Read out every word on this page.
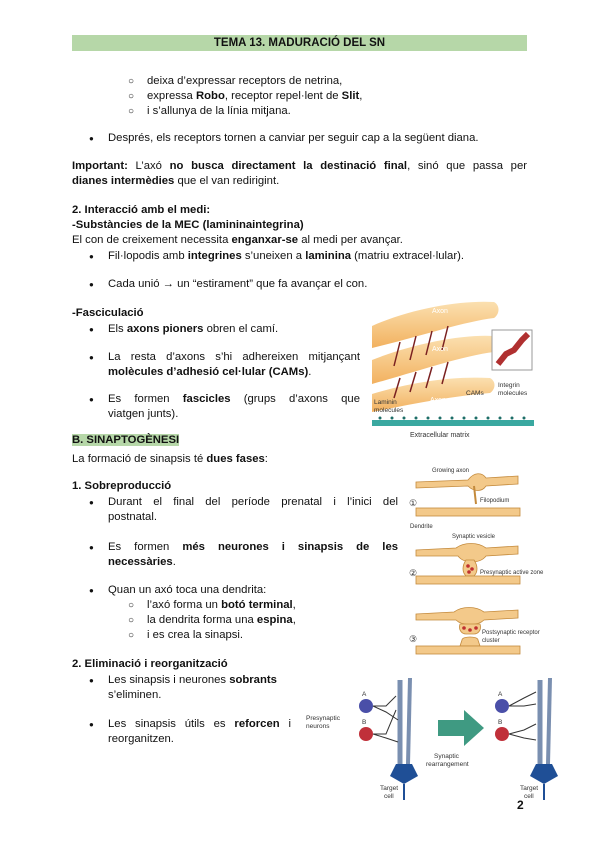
TEMA 13. MADURACIÓ DEL SN
○ deixa d’expressar receptors de netrina,
○ expressa Robo, receptor repel·lent de Slit,
○ i s’allunya de la línia mitjana.
● Després, els receptors tornen a canviar per seguir cap a la següent diana.
Important: L’axó no busca directament la destinació final, sinó que passa per
dianes intermèdies que el van redirigint.
2. Interacció amb el medi:
-Substàncies de la MEC (lamininaintegrina)
El con de creixement necessita enganxar-se al medi per avançar.
● Fil·lopodis amb integrines s’uneixen a laminina (matriu extracel·lular).
● Cada unió → un “estirament” que fa avançar el con.
-Fasciculació
● Els axons pioners obren el camí.
● La resta d’axons s’hi adhereixen mitjançant
molècules d’adhesió cel·lular (CAMs).
● Es formen fascicles (grups d’axons que
viatgen junts).
Axon
Axon
Axon
CAMs
Integrin
molecules
Laminin
molecules
Extracellular matrix
B. SINAPTOGÈNESI
La formació de sinapsis té dues fases:
1. Sobreproducció
● Durant el final del període prenatal i l’inici del
postnatal.
● Es formen més neurones i sinapsis de les
necessàries.
● Quan un axó toca una dendrita:
○ l’axó forma un botó terminal,
○ la dendrita forma una espina,
○ i es crea la sinapsi.
2. Eliminació i reorganització
● Les sinapsis i neurones sobrants
s’eliminen.
● Les sinapsis útils es reforcen i
reorganitzen.
①
②
③
Growing axon
Filopodium
Dendrite
Synaptic vesicle
Presynaptic active zone
Postsynaptic receptor
cluster
A
B
A
B
Presynaptic
neurons
Synaptic
rearrangement
Target
cell
Target
cell
2
